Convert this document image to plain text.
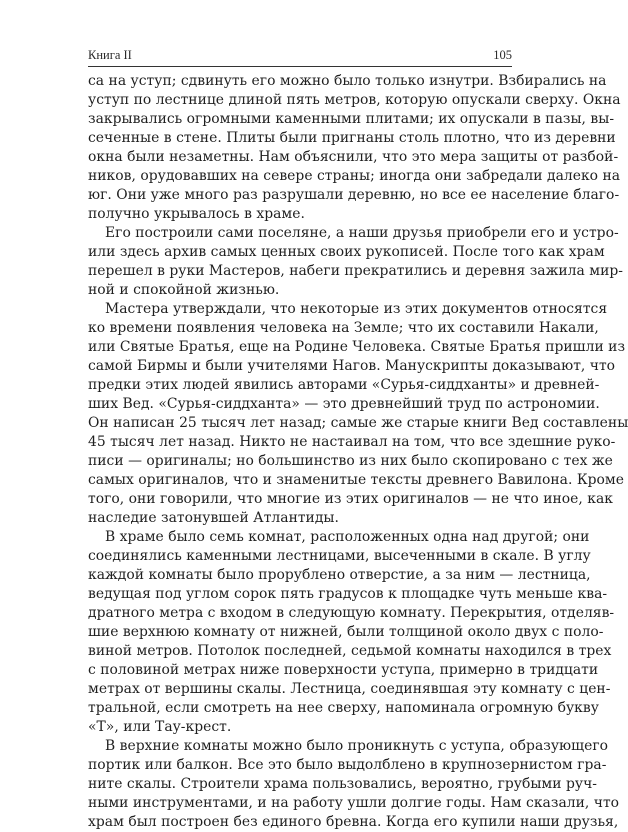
Книга II	105
са на уступ; сдвинуть его можно было только изнутри. Взбирались на
уступ по лестнице длиной пять метров, которую опускали сверху. Окна
закрывались огромными каменными плитами; их опускали в пазы, вы-
сеченные в стене. Плиты были пригнаны столь плотно, что из деревни
окна были незаметны. Нам объяснили, что это мера защиты от разбой-
ников, орудовавших на севере страны; иногда они забредали далеко на
юг. Они уже много раз разрушали деревню, но все ее население благо-
получно укрывалось в храме.
Его построили сами поселяне, а наши друзья приобрели его и устро-
или здесь архив самых ценных своих рукописей. После того как храм
перешел в руки Мастеров, набеги прекратились и деревня зажила мир-
ной и спокойной жизнью.
Мастера утверждали, что некоторые из этих документов относятся
ко времени появления человека на Земле; что их составили Накали,
или Святые Братья, еще на Родине Человека. Святые Братья пришли из
самой Бирмы и были учителями Нагов. Манускрипты доказывают, что
предки этих людей явились авторами «Сурья-сиддханты» и древней-
ших Вед. «Сурья-сиддханта» — это древнейший труд по астрономии.
Он написан 25 тысяч лет назад; самые же старые книги Вед составлены
45 тысяч лет назад. Никто не настаивал на том, что все здешние руко-
писи — оригиналы; но большинство из них было скопировано с тех же
самых оригиналов, что и знаменитые тексты древнего Вавилона. Кроме
того, они говорили, что многие из этих оригиналов — не что иное, как
наследие затонувшей Атлантиды.
В храме было семь комнат, расположенных одна над другой; они
соединялись каменными лестницами, высеченными в скале. В углу
каждой комнаты было прорублено отверстие, а за ним — лестница,
ведущая под углом сорок пять градусов к площадке чуть меньше ква-
дратного метра с входом в следующую комнату. Перекрытия, отделяв-
шие верхнюю комнату от нижней, были толщиной около двух с поло-
виной метров. Потолок последней, седьмой комнаты находился в трех
с половиной метрах ниже поверхности уступа, примерно в тридцати
метрах от вершины скалы. Лестница, соединявшая эту комнату с цен-
тральной, если смотреть на нее сверху, напоминала огромную букву
«Т», или Тау-крест.
В верхние комнаты можно было проникнуть с уступа, образующего
портик или балкон. Все это было выдолблено в крупнозернистом гра-
ните скалы. Строители храма пользовались, вероятно, грубыми руч-
ными инструментами, и на работу ушли долгие годы. Нам сказали, что
храм был построен без единого бревна. Когда его купили наши друзья,
